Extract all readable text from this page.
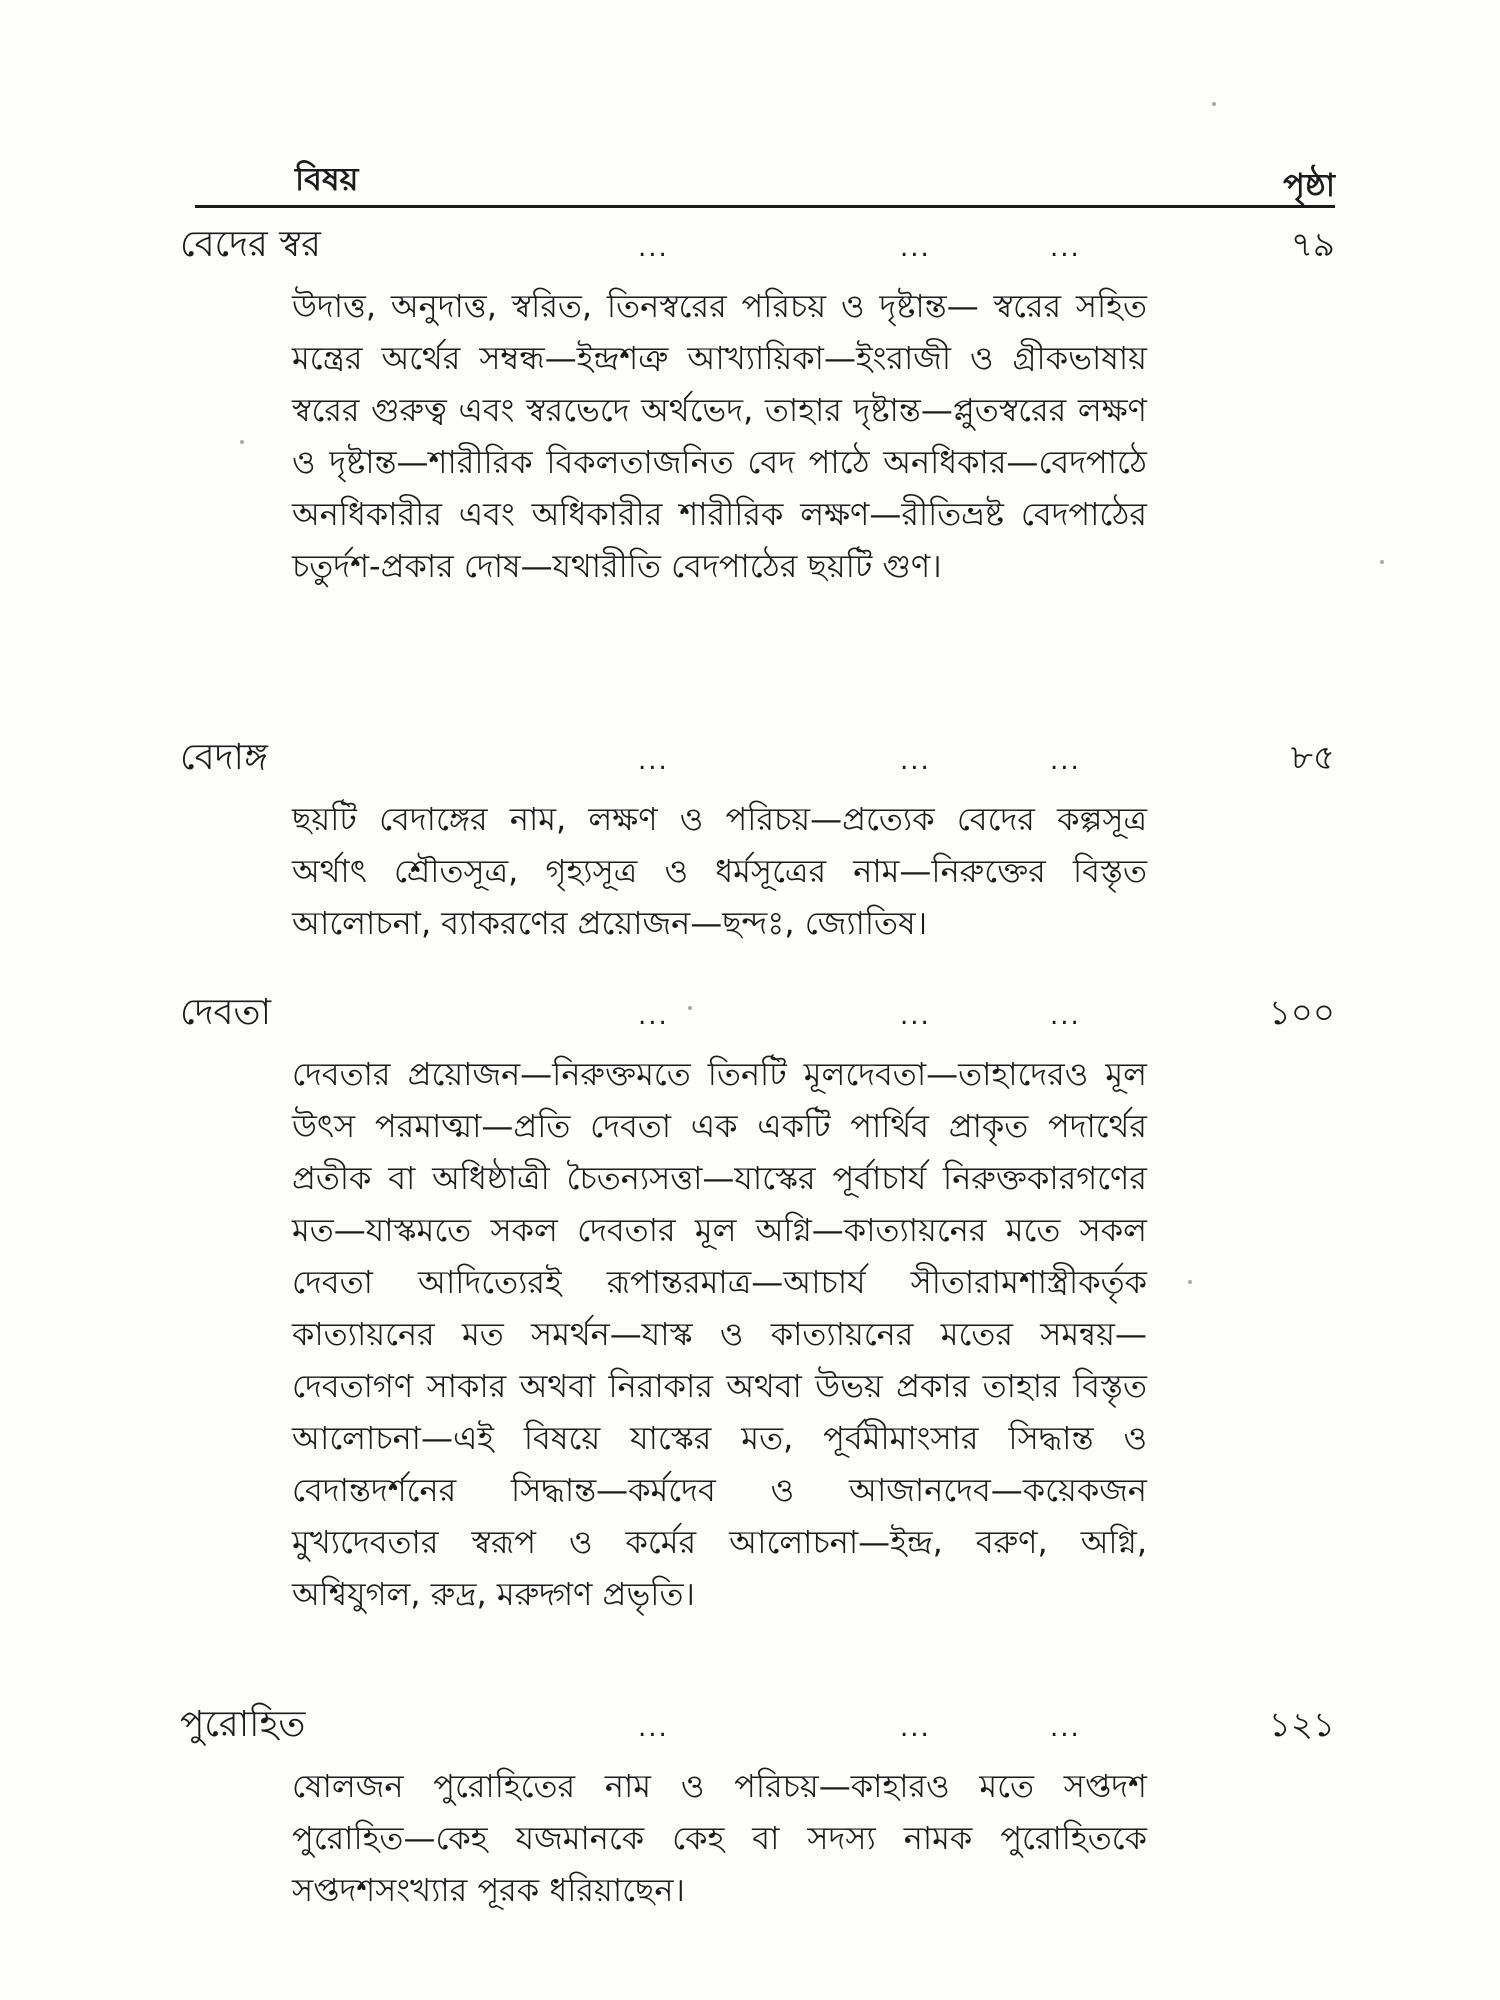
বিষয়	পৃষ্ঠা
বেদের স্বর	...	...	...	৭৯
উদাত্ত, অনুদাত্ত, স্বরিত, তিনস্বরের পরিচয় ও দৃষ্টান্ত— স্বরের সহিত মন্ত্রের অর্থের সম্বন্ধ—ইন্দ্রশত্রু আখ্যায়িকা—ইংরাজী ও গ্রীকভাষায় স্বরের গুরুত্ব এবং স্বরভেদে অর্থভেদ, তাহার দৃষ্টান্ত—প্লুতস্বরের লক্ষণ ও দৃষ্টান্ত—শারীরিক বিকলতাজনিত বেদ পাঠে অনধিকার—বেদপাঠে অনধিকারীর এবং অধিকারীর শারীরিক লক্ষণ—রীতিভ্রষ্ট বেদপাঠের চতুর্দশ-প্রকার দোষ—যথারীতি বেদপাঠের ছয়টি গুণ।
বেদাঙ্গ	...	...	...	৮৫
ছয়টি বেদাঙ্গের নাম, লক্ষণ ও পরিচয়—প্রত্যেক বেদের কল্পসূত্র অর্থাৎ শ্রৌতসূত্র, গৃহ্যসূত্র ও ধর্মসূত্রের নাম—নিরুক্তের বিস্তৃত আলোচনা, ব্যাকরণের প্রয়োজন—ছন্দঃ, জ্যোতিষ।
দেবতা	...	...	...	১০০
দেবতার প্রয়োজন—নিরুক্তমতে তিনটি মূলদেবতা—তাহাদেরও মূল উৎস পরমাত্মা—প্রতি দেবতা এক একটি পার্থিব প্রাকৃত পদার্থের প্রতীক বা অধিষ্ঠাত্রী চৈতন্যসত্তা—যাস্কের পূর্বাচার্য নিরুক্তকারগণের মত—যাস্কমতে সকল দেবতার মূল অগ্নি—কাত্যায়নের মতে সকল দেবতা আদিত্যেরই রূপান্তরমাত্র—আচার্য সীতারামশাস্ত্রীকর্তৃক কাত্যায়নের মত সমর্থন—যাস্ক ও কাত্যায়নের মতের সমন্বয়—দেবতাগণ সাকার অথবা নিরাকার অথবা উভয় প্রকার তাহার বিস্তৃত আলোচনা—এই বিষয়ে যাস্কের মত, পূর্বমীমাংসার সিদ্ধান্ত ও বেদান্তদর্শনের সিদ্ধান্ত—কর্মদেব ও আজানদেব—কয়েকজন মুখ্যদেবতার স্বরূপ ও কর্মের আলোচনা—ইন্দ্র, বরুণ, অগ্নি, অশ্বিযুগল, রুদ্র, মরুদ্গণ প্রভৃতি।
পুরোহিত	...	...	...	১২১
ষোলজন পুরোহিতের নাম ও পরিচয়—কাহারও মতে সপ্তদশ পুরোহিত—কেহ যজমানকে কেহ বা সদস্য নামক পুরোহিতকে সপ্তদশসংখ্যার পূরক ধরিয়াছেন।
